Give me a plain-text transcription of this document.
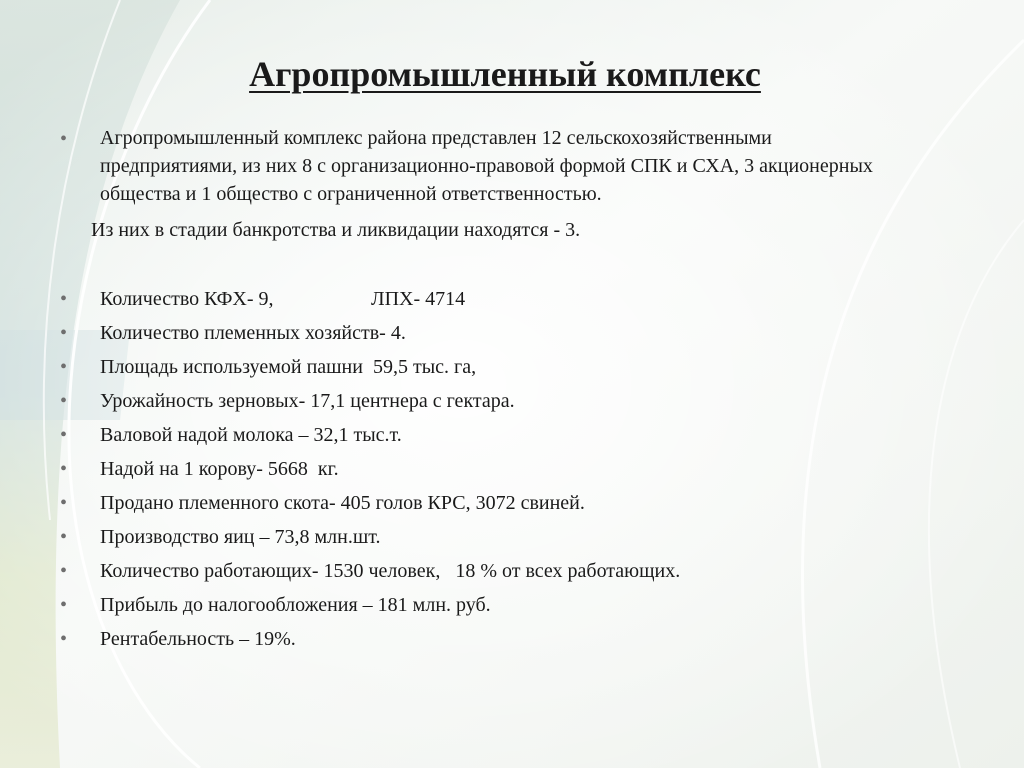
Агропромышленный комплекс
• Агропромышленный комплекс района представлен 12 сельскохозяйственными предприятиями, из них 8 с организационно-правовой формой СПК и СХА, 3 акционерных общества и 1 общество с ограниченной ответственностью.
Из них в стадии банкротства и ликвидации находятся - 3.
• Количество КФХ- 9,	ЛПХ- 4714
• Количество племенных хозяйств- 4.
• Площадь используемой пашни  59,5 тыс. га,
• Урожайность зерновых- 17,1 центнера с гектара.
• Валовой надой молока – 32,1 тыс.т.
• Надой на 1 корову- 5668  кг.
• Продано племенного скота- 405 голов КРС, 3072 свиней.
• Производство яиц – 73,8 млн.шт.
• Количество работающих- 1530 человек,   18 % от всех работающих.
• Прибыль до налогообложения – 181 млн. руб.
• Рентабельность – 19%.
